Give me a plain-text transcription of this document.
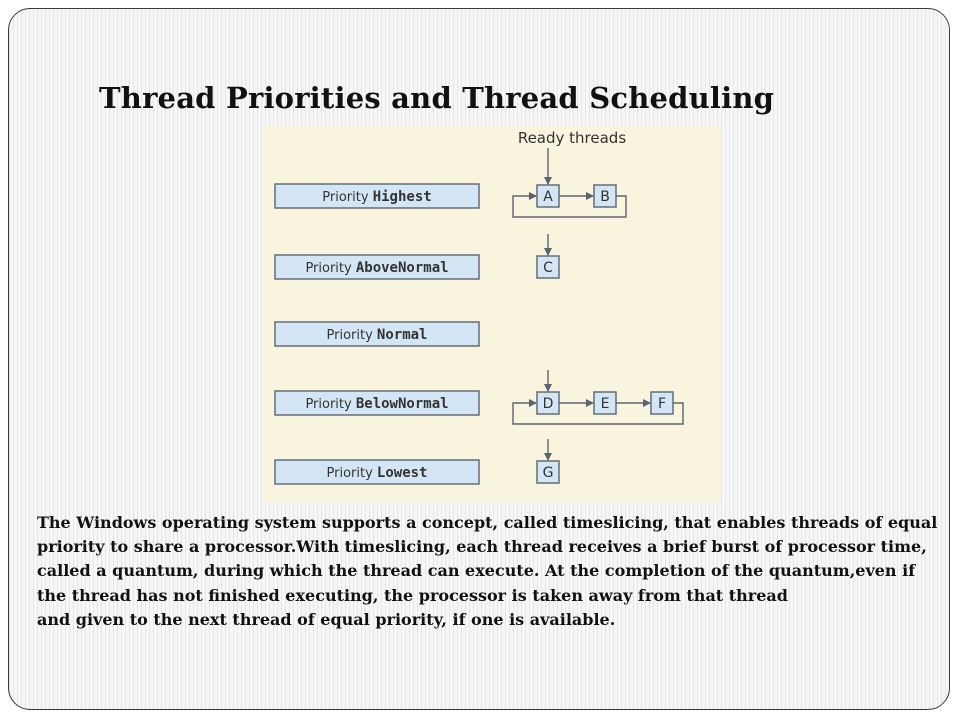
Thread Priorities and Thread Scheduling
Ready threads
Priority Highest	A	B
Priority AboveNormal	C
Priority Normal
Priority BelowNormal	D	E	F
Priority Lowest	G

The Windows operating system supports a concept, called timeslicing, that enables threads of equal priority to share a processor.With timeslicing, each thread receives a brief burst of processor time, called a quantum, during which the thread can execute. At the completion of the quantum,even if the thread has not finished executing, the processor is taken away from that thread

and given to the next thread of equal priority, if one is available.
